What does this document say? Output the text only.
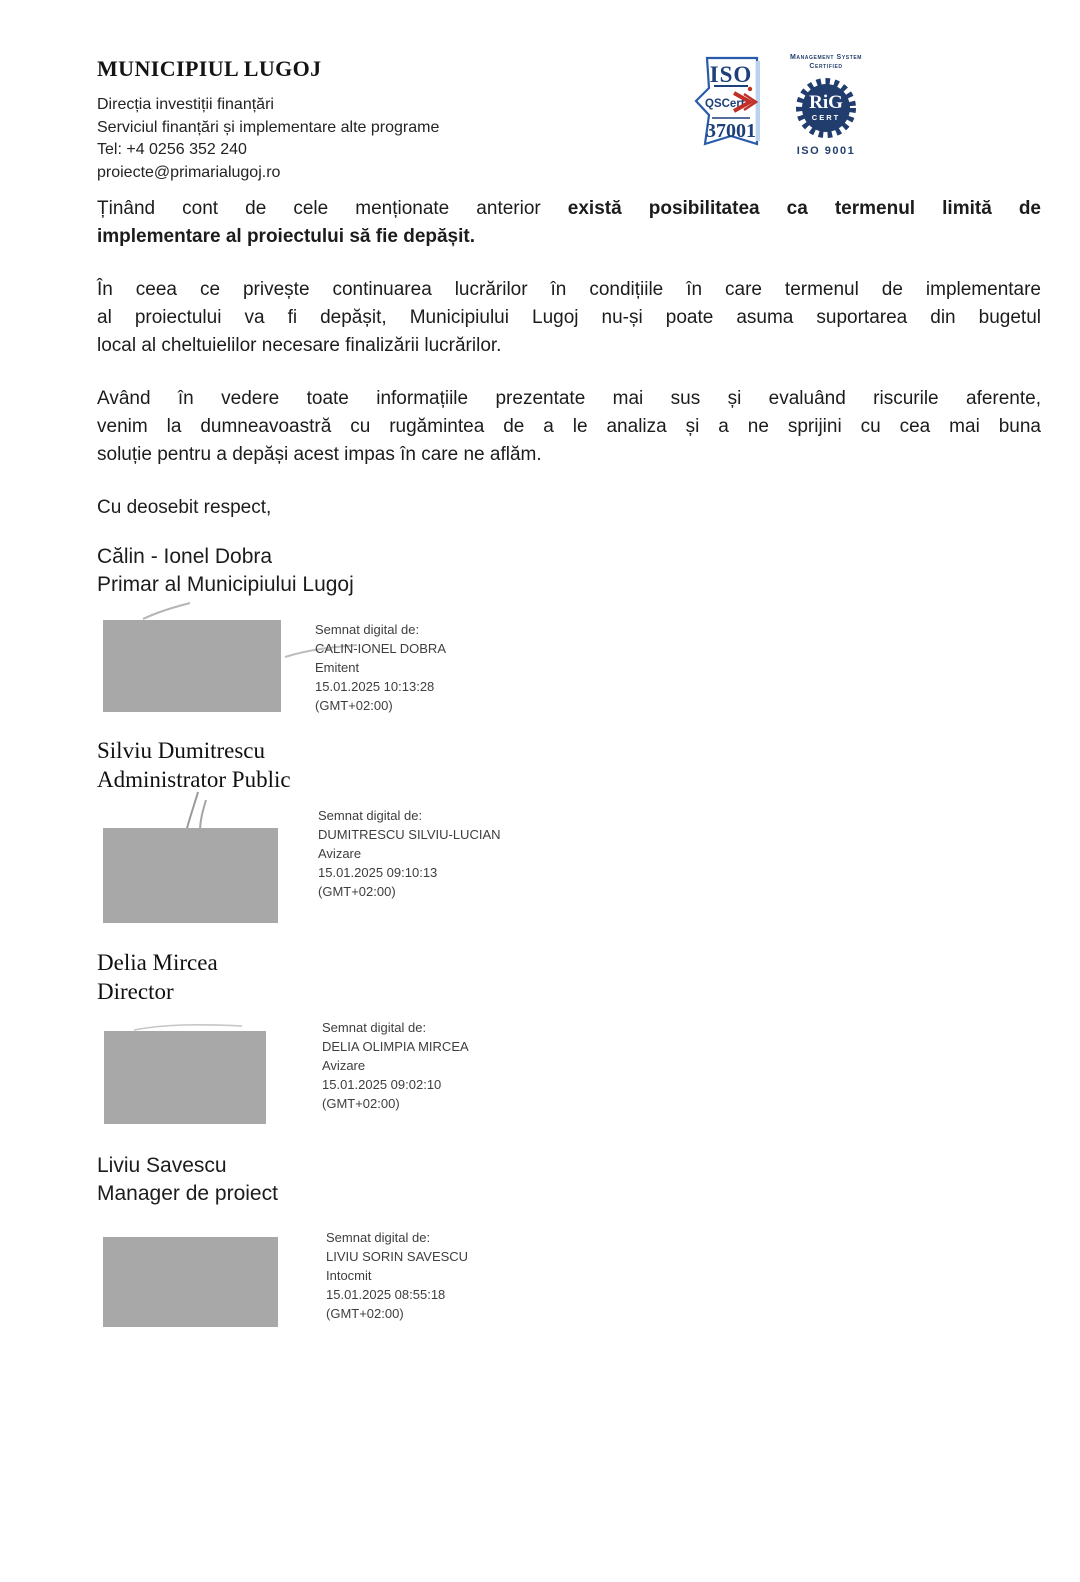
MUNICIPIUL LUGOJ
Direcția investiții finanțări
Serviciul finanțări și implementare alte programe
Tel: +4 0256 352 240
proiecte@primarialugoj.ro
ISO
QSCert
37001
Management System
Certified
RiG
CERT
ISO 9001
Ținând cont de cele menționate anterior există posibilitatea ca termenul limită de
implementare al proiectului să fie depășit.
În ceea ce privește continuarea lucrărilor în condițiile în care termenul de implementare
al proiectului va fi depășit, Municipiului Lugoj nu-și poate asuma suportarea din bugetul
local al cheltuielilor necesare finalizării lucrărilor.
Având în vedere toate informațiile prezentate mai sus și evaluând riscurile aferente,
venim la dumneavoastră cu rugămintea de a le analiza și a ne sprijini cu cea mai buna
soluție pentru a depăși acest impas în care ne aflăm.
Cu deosebit respect,
Călin - Ionel Dobra
Primar al Municipiului Lugoj
Semnat digital de:
CALIN-IONEL DOBRA
Emitent
15.01.2025 10:13:28
(GMT+02:00)
Silviu Dumitrescu
Administrator Public
Semnat digital de:
DUMITRESCU SILVIU-LUCIAN
Avizare
15.01.2025 09:10:13
(GMT+02:00)
Delia Mircea
Director
Semnat digital de:
DELIA OLIMPIA MIRCEA
Avizare
15.01.2025 09:02:10
(GMT+02:00)
Liviu Savescu
Manager de proiect
Semnat digital de:
LIVIU SORIN SAVESCU
Intocmit
15.01.2025 08:55:18
(GMT+02:00)
